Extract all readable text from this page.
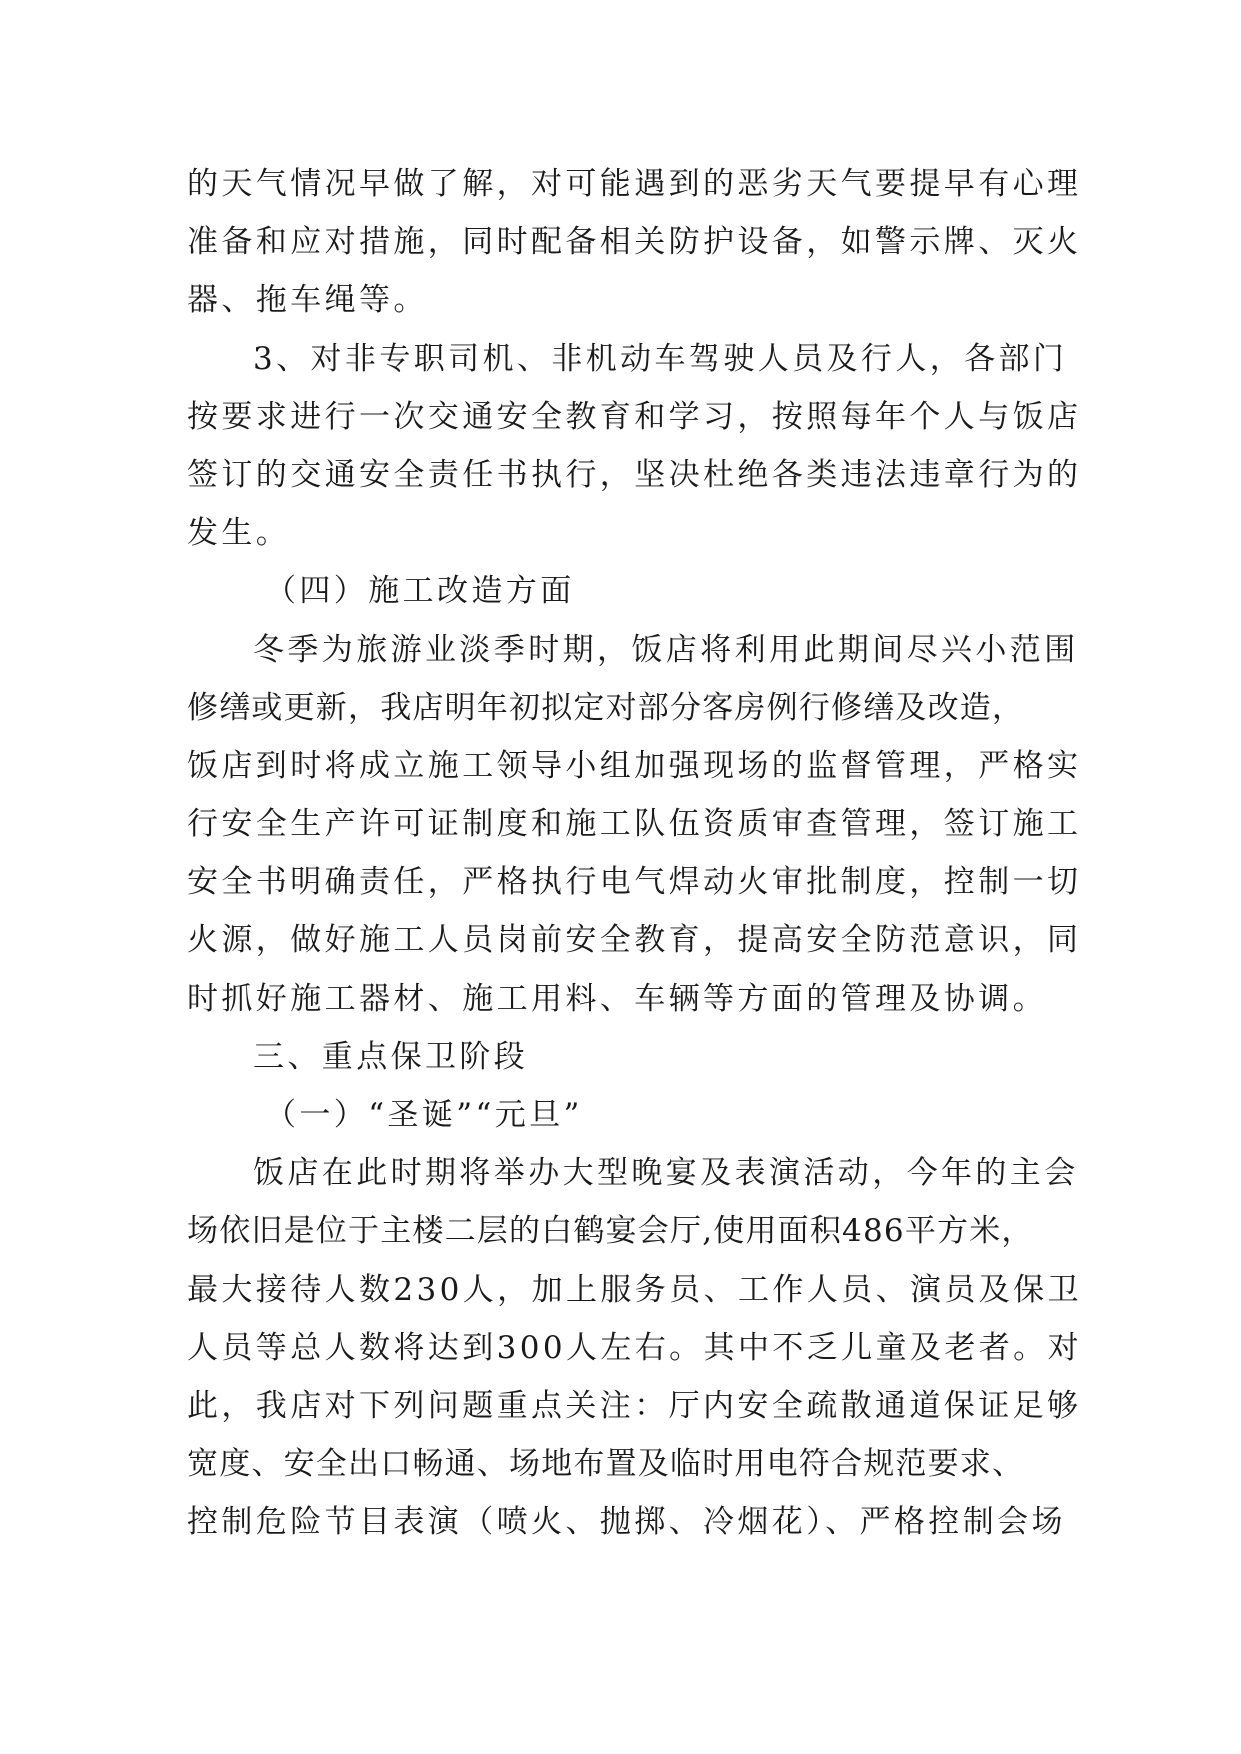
的天气情况早做了解，对可能遇到的恶劣天气要提早有心理
准备和应对措施，同时配备相关防护设备，如警示牌、灭火
器、拖车绳等。
3、对非专职司机、非机动车驾驶人员及行人，各部门
按要求进行一次交通安全教育和学习，按照每年个人与饭店
签订的交通安全责任书执行，坚决杜绝各类违法违章行为的
发生。
（四）施工改造方面
冬季为旅游业淡季时期，饭店将利用此期间尽兴小范围
修缮或更新，我店明年初拟定对部分客房例行修缮及改造，
饭店到时将成立施工领导小组加强现场的监督管理，严格实
行安全生产许可证制度和施工队伍资质审查管理，签订施工
安全书明确责任，严格执行电气焊动火审批制度，控制一切
火源，做好施工人员岗前安全教育，提高安全防范意识，同
时抓好施工器材、施工用料、车辆等方面的管理及协调。
三、重点保卫阶段
（一）“圣诞”“元旦”
饭店在此时期将举办大型晚宴及表演活动，今年的主会
场依旧是位于主楼二层的白鹤宴会厅,使用面积486平方米，
最大接待人数230人，加上服务员、工作人员、演员及保卫
人员等总人数将达到300人左右。其中不乏儿童及老者。对
此，我店对下列问题重点关注：厅内安全疏散通道保证足够
宽度、安全出口畅通、场地布置及临时用电符合规范要求、
控制危险节目表演（喷火、抛掷、冷烟花）、严格控制会场
